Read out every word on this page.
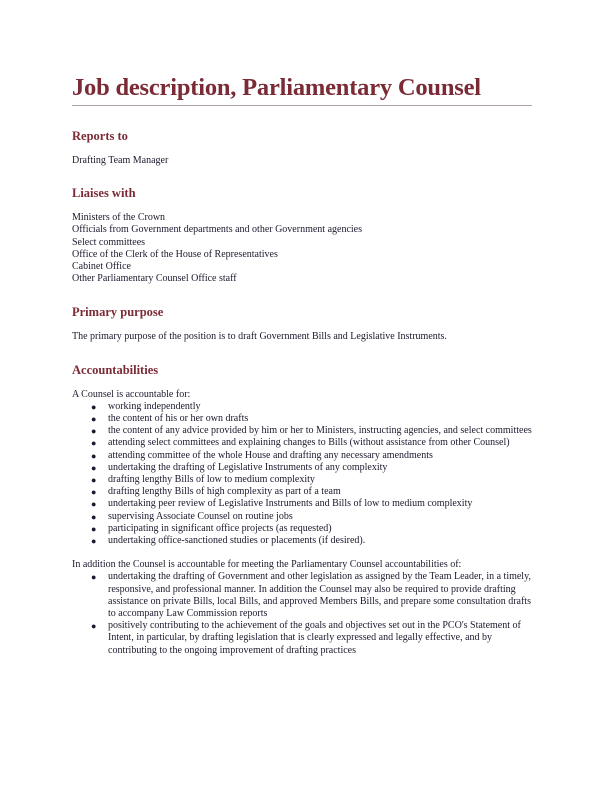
Job description, Parliamentary Counsel
Reports to

Drafting Team Manager

Liaises with
Ministers of the Crown
Officials from Government departments and other Government agencies
Select committees
Office of the Clerk of the House of Representatives
Cabinet Office
Other Parliamentary Counsel Office staff
Primary purpose

The primary purpose of the position is to draft Government Bills and Legislative Instruments.

Accountabilities

A Counsel is accountable for:

● working independently
● the content of his or her own drafts
● the content of any advice provided by him or her to Ministers, instructing agencies, and select committees
● attending select committees and explaining changes to Bills (without assistance from other Counsel)
● attending committee of the whole House and drafting any necessary amendments
● undertaking the drafting of Legislative Instruments of any complexity
● drafting lengthy Bills of low to medium complexity
● drafting lengthy Bills of high complexity as part of a team
● undertaking peer review of Legislative Instruments and Bills of low to medium complexity
● supervising Associate Counsel on routine jobs
● participating in significant office projects (as requested)
● undertaking office-sanctioned studies or placements (if desired).

In addition the Counsel is accountable for meeting the Parliamentary Counsel accountabilities of:

● undertaking the drafting of Government and other legislation as assigned by the Team Leader, in a timely, responsive, and professional manner. In addition the Counsel may also be required to provide drafting assistance on private Bills, local Bills, and approved Members Bills, and prepare some consultation drafts to accompany Law Commission reports
● positively contributing to the achievement of the goals and objectives set out in the PCO's Statement of Intent, in particular, by drafting legislation that is clearly expressed and legally effective, and by contributing to the ongoing improvement of drafting practices
